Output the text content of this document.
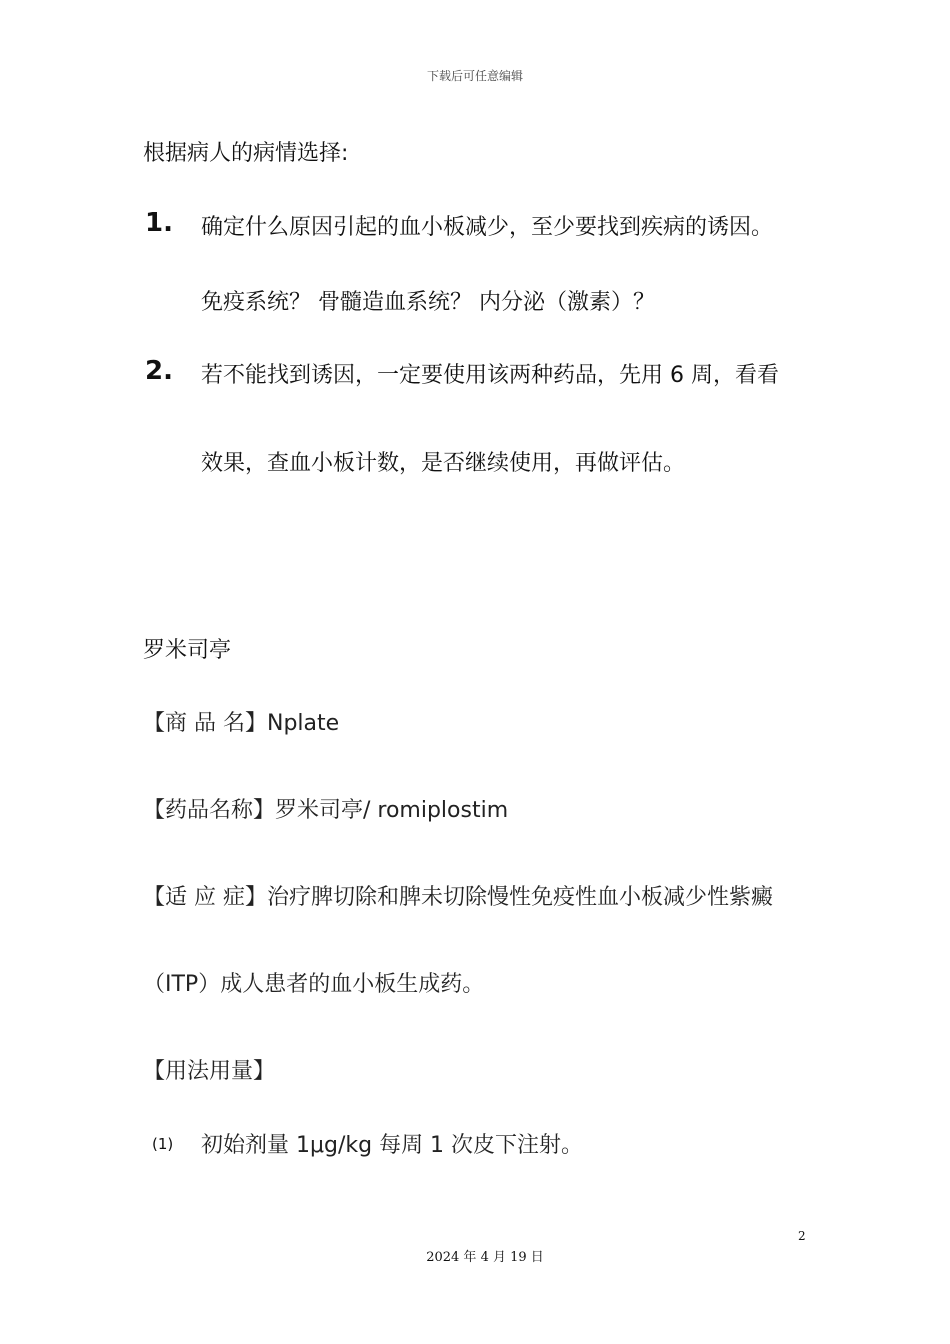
下载后可任意编辑
根据病人的病情选择:
1. 确定什么原因引起的血小板减少，至少要找到疾病的诱因。
免疫系统？ 骨髓造血系统？ 内分泌（激素）？
2. 若不能找到诱因，一定要使用该两种药品，先用 6 周，看看
效果，查血小板计数，是否继续使用，再做评估。
罗米司亭
【商 品 名】Nplate
【药品名称】罗米司亭/ romiplostim
【适 应 症】治疗脾切除和脾未切除慢性免疫性血小板减少性紫癜
（ITP）成人患者的血小板生成药。
【用法用量】
(1) 初始剂量 1μg/kg 每周 1 次皮下注射。
2
2024 年 4 月 19 日
